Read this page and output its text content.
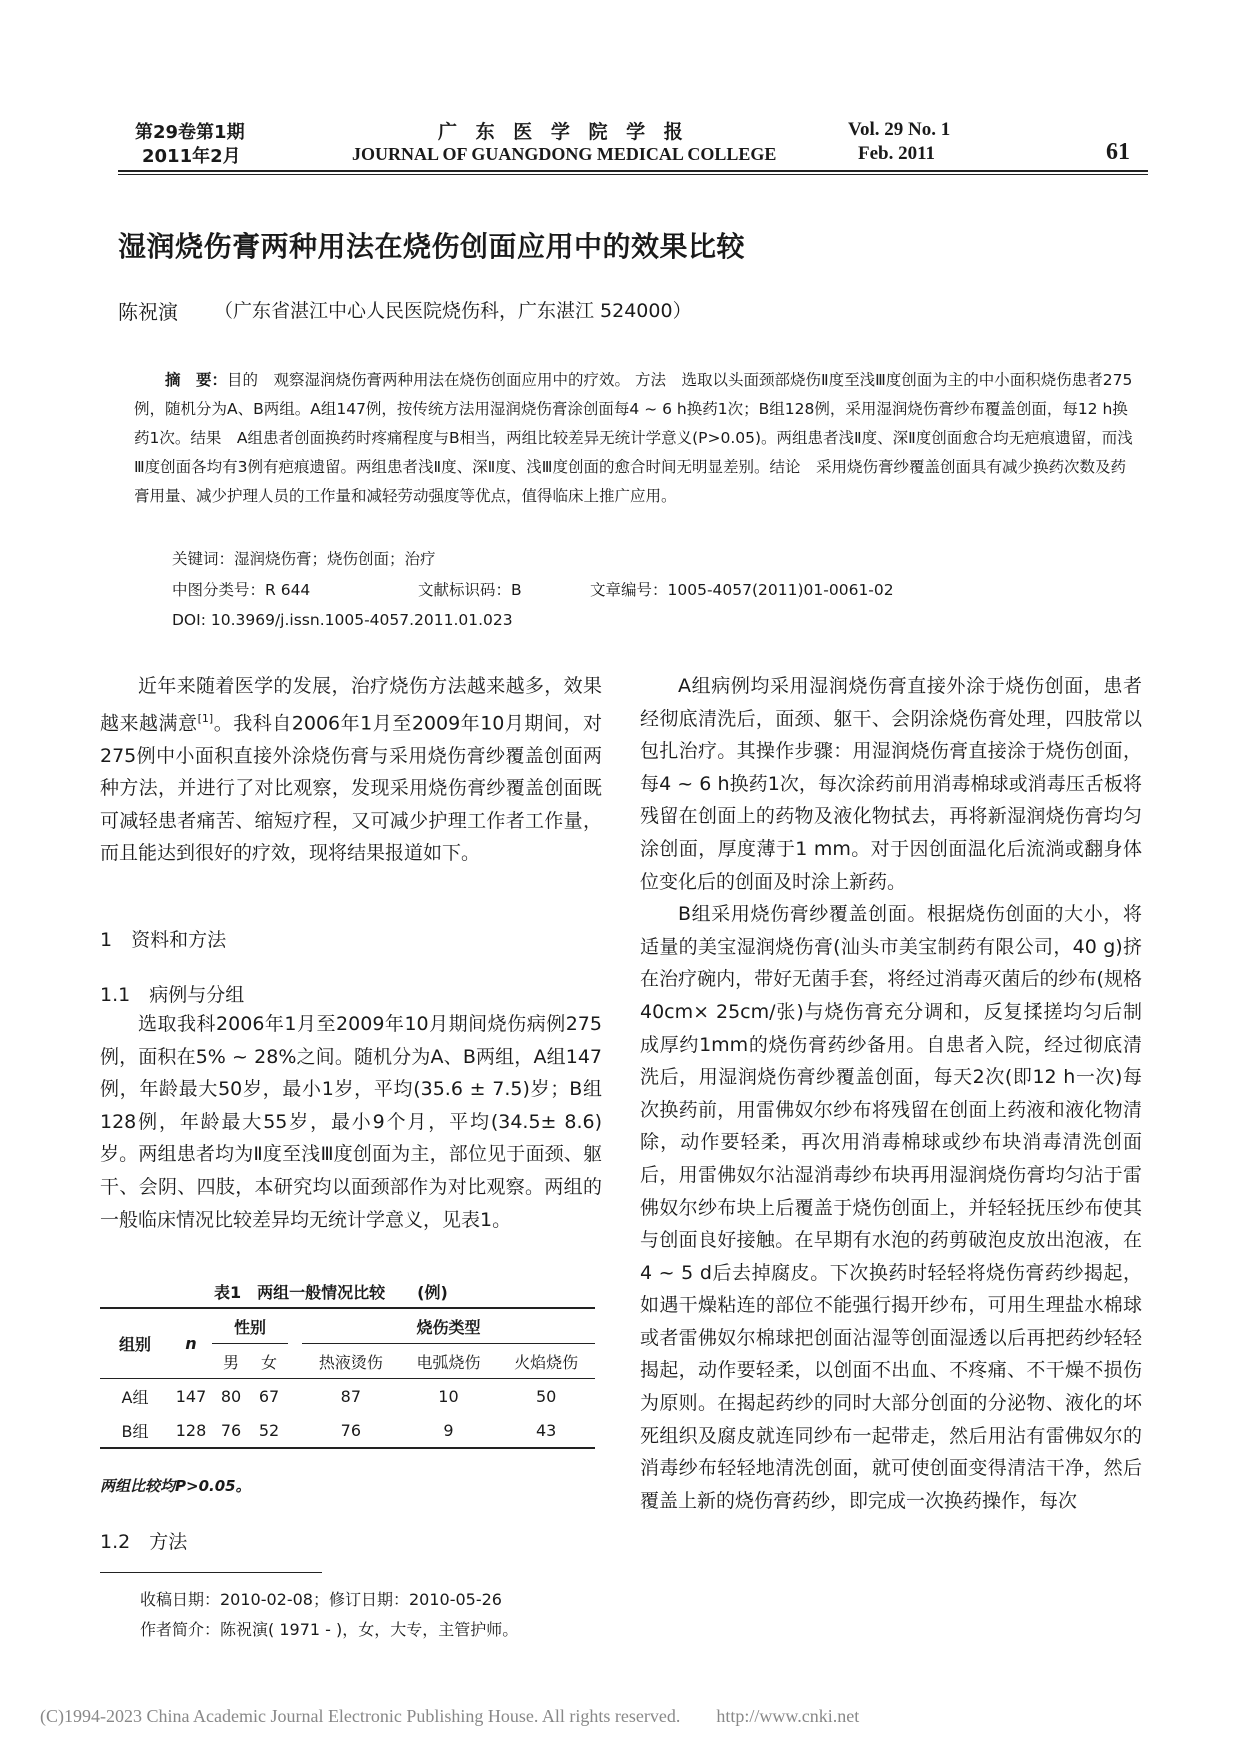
第29卷第1期
2011年2月
广 东 医 学 院 学 报
JOURNAL OF GUANGDONG MEDICAL COLLEGE
Vol. 29 No. 1
Feb. 2011	61
湿润烧伤膏两种用法在烧伤创面应用中的效果比较
陈祝演 （广东省湛江中心人民医院烧伤科，广东湛江 524000）

摘　要：目的　观察湿润烧伤膏两种用法在烧伤创面应用中的疗效。 方法　选取以头面颈部烧伤Ⅱ度至浅Ⅲ度创面为主的中小面积烧伤患者275例，随机分为A、B两组。A组147例，按传统方法用湿润烧伤膏涂创面每4 ~ 6 h换药1次；B组128例，采用湿润烧伤膏纱布覆盖创面，每12 h换药1次。结果　A组患者创面换药时疼痛程度与B相当，两组比较差异无统计学意义(P>0.05)。两组患者浅Ⅱ度、深Ⅱ度创面愈合均无疤痕遗留，而浅Ⅲ度创面各均有3例有疤痕遗留。两组患者浅Ⅱ度、深Ⅱ度、浅Ⅲ度创面的愈合时间无明显差别。结论　采用烧伤膏纱覆盖创面具有减少换药次数及药膏用量、减少护理人员的工作量和减轻劳动强度等优点，值得临床上推广应用。

关键词：湿润烧伤膏；烧伤创面；治疗
中图分类号：R 644	文献标识码：B	文章编号：1005-4057(2011)01-0061-02
DOI: 10.3969/j.issn.1005-4057.2011.01.023

近年来随着医学的发展，治疗烧伤方法越来越多，效果越来越满意[1]。我科自2006年1月至2009年10月期间，对275例中小面积直接外涂烧伤膏与采用烧伤膏纱覆盖创面两种方法，并进行了对比观察，发现采用烧伤膏纱覆盖创面既可减轻患者痛苦、缩短疗程，又可减少护理工作者工作量，而且能达到很好的疗效，现将结果报道如下。

1　资料和方法
1.1　病例与分组

选取我科2006年1月至2009年10月期间烧伤病例275例，面积在5% ~ 28%之间。随机分为A、B两组，A组147例，年龄最大50岁，最小1岁，平均(35.6 ± 7.5)岁；B组128例，年龄最大55岁，最小9个月，平均(34.5± 8.6)岁。两组患者均为Ⅱ度至浅Ⅲ度创面为主，部位见于面颈、躯干、会阴、四肢，本研究均以面颈部作为对比观察。两组的一般临床情况比较差异均无统计学意义，见表1。

表1　两组一般情况比较　　(例)
组别	n	性别			烧伤类型		
		男	女		热液烫伤	电弧烧伤	火焰烧伤

A组	147	80	67		87	10	50
B组	128	76	52		76	9	43
两组比较均P>0.05。
1.2　方法
收稿日期：2010-02-08；修订日期：2010-05-26
作者简介：陈祝演( 1971 - )，女，大专，主管护师。

A组病例均采用湿润烧伤膏直接外涂于烧伤创面，患者经彻底清洗后，面颈、躯干、会阴涂烧伤膏处理，四肢常以包扎治疗。其操作步骤：用湿润烧伤膏直接涂于烧伤创面，每4 ~ 6 h换药1次，每次涂药前用消毒棉球或消毒压舌板将残留在创面上的药物及液化物拭去，再将新湿润烧伤膏均匀涂创面，厚度薄于1 mm。对于因创面温化后流淌或翻身体位变化后的创面及时涂上新药。

B组采用烧伤膏纱覆盖创面。根据烧伤创面的大小，将适量的美宝湿润烧伤膏(汕头市美宝制药有限公司，40 g)挤在治疗碗内，带好无菌手套，将经过消毒灭菌后的纱布(规格40cm× 25cm/张)与烧伤膏充分调和，反复揉搓均匀后制成厚约1mm的烧伤膏药纱备用。自患者入院，经过彻底清洗后，用湿润烧伤膏纱覆盖创面，每天2次(即12 h一次)每次换药前，用雷佛奴尔纱布将残留在创面上药液和液化物清除，动作要轻柔，再次用消毒棉球或纱布块消毒清洗创面后，用雷佛奴尔沾湿消毒纱布块再用湿润烧伤膏均匀沾于雷佛奴尔纱布块上后覆盖于烧伤创面上，并轻轻抚压纱布使其与创面良好接触。在早期有水泡的药剪破泡皮放出泡液，在4 ~ 5 d后去掉腐皮。下次换药时轻轻将烧伤膏药纱揭起，如遇干燥粘连的部位不能强行揭开纱布，可用生理盐水棉球或者雷佛奴尔棉球把创面沾湿等创面湿透以后再把药纱轻轻揭起，动作要轻柔，以创面不出血、不疼痛、不干燥不损伤为原则。在揭起药纱的同时大部分创面的分泌物、液化的坏死组织及腐皮就连同纱布一起带走，然后用沾有雷佛奴尔的消毒纱布轻轻地清洗创面，就可使创面变得清洁干净，然后覆盖上新的烧伤膏药纱，即完成一次换药操作，每次

(C)1994-2023 China Academic Journal Electronic Publishing House. All rights reserved.　　http://www.cnki.net
